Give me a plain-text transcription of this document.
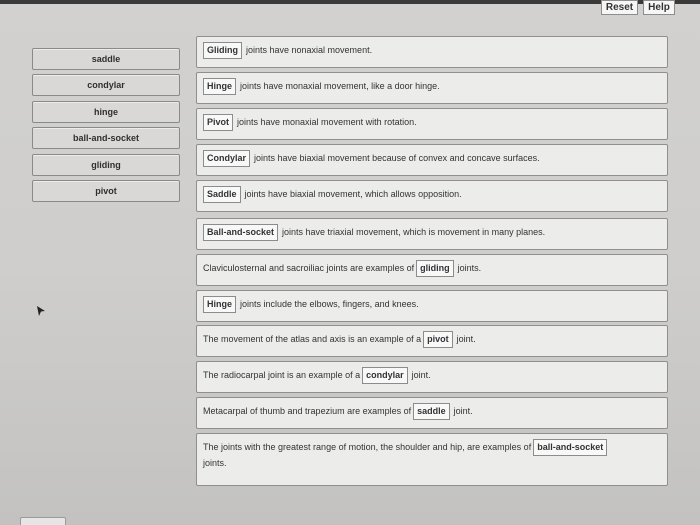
Reset	Help
saddle
condylar
hinge
ball-and-socket
gliding
pivot
Gliding joints have nonaxial movement.
Hinge joints have monaxial movement, like a door hinge.
Pivot joints have monaxial movement with rotation.
Condylar joints have biaxial movement because of convex and concave surfaces.
Saddle joints have biaxial movement, which allows opposition.
Ball-and-socket joints have triaxial movement, which is movement in many planes.
Claviculosternal and sacroiliac joints are examples of gliding joints.
Hinge joints include the elbows, fingers, and knees.
The movement of the atlas and axis is an example of a pivot joint.
The radiocarpal joint is an example of a condylar joint.
Metacarpal of thumb and trapezium are examples of saddle joint.
The joints with the greatest range of motion, the shoulder and hip, are examples of ball-and-socket
joints.
